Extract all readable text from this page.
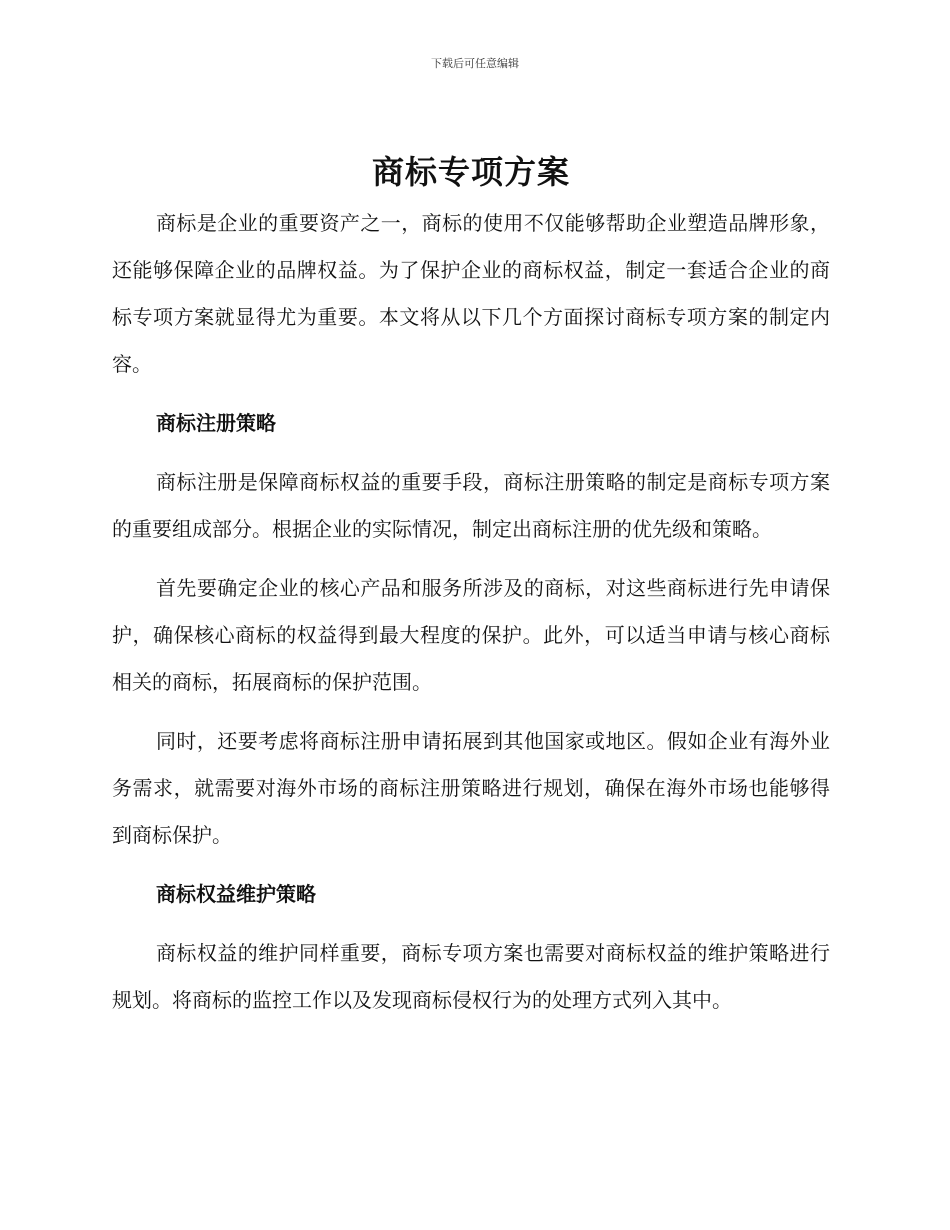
下载后可任意编辑
商标专项方案

商标是企业的重要资产之一，商标的使用不仅能够帮助企业塑造品牌形象，还能够保障企业的品牌权益。为了保护企业的商标权益，制定一套适合企业的商标专项方案就显得尤为重要。本文将从以下几个方面探讨商标专项方案的制定内容。

商标注册策略

商标注册是保障商标权益的重要手段，商标注册策略的制定是商标专项方案的重要组成部分。根据企业的实际情况，制定出商标注册的优先级和策略。

首先要确定企业的核心产品和服务所涉及的商标，对这些商标进行先申请保护，确保核心商标的权益得到最大程度的保护。此外，可以适当申请与核心商标相关的商标，拓展商标的保护范围。

同时，还要考虑将商标注册申请拓展到其他国家或地区。假如企业有海外业务需求，就需要对海外市场的商标注册策略进行规划，确保在海外市场也能够得到商标保护。

商标权益维护策略

商标权益的维护同样重要，商标专项方案也需要对商标权益的维护策略进行规划。将商标的监控工作以及发现商标侵权行为的处理方式列入其中。
